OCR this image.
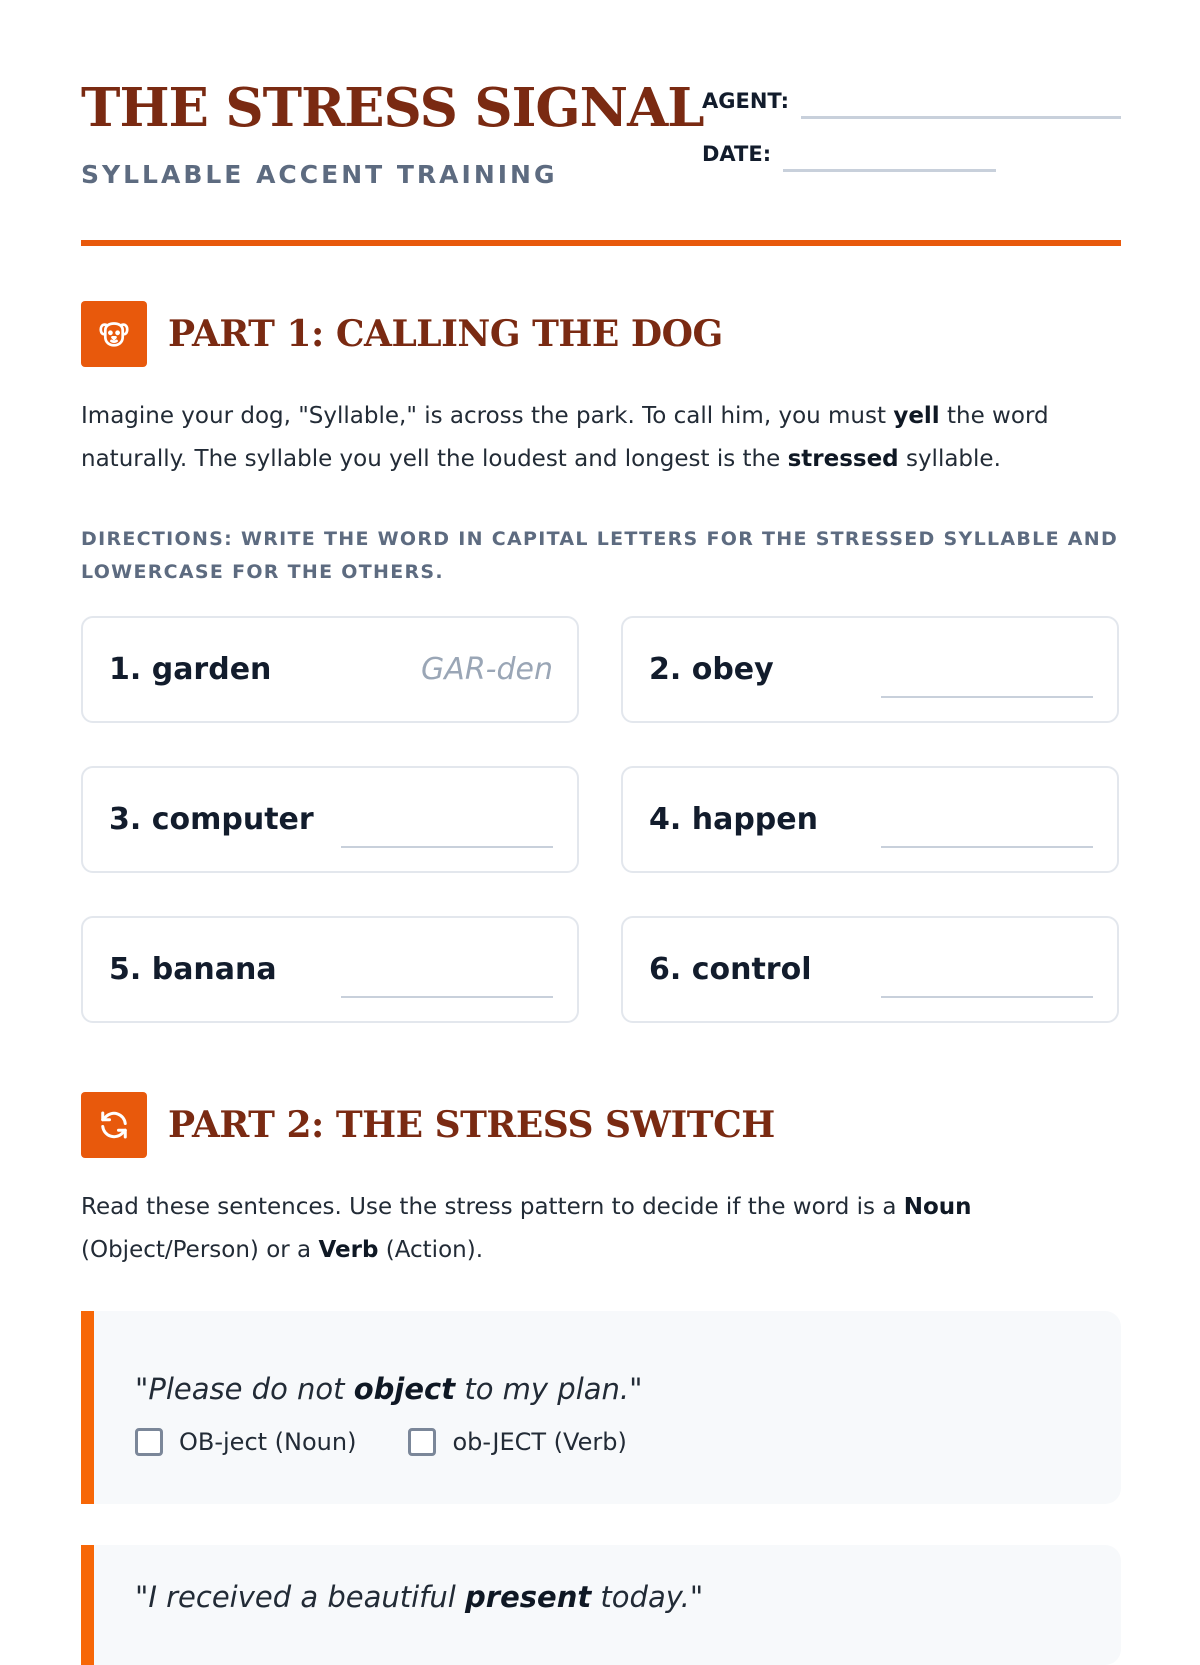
THE STRESS SIGNAL
SYLLABLE ACCENT TRAINING
AGENT:
DATE:
PART 1: CALLING THE DOG

Imagine your dog, "Syllable," is across the park. To call him, you must yell the word naturally. The syllable you yell the loudest and longest is the stressed syllable.

DIRECTIONS: WRITE THE WORD IN CAPITAL LETTERS FOR THE STRESSED SYLLABLE AND LOWERCASE FOR THE OTHERS.

1. garden	GAR-den	2. obey
3. computer	4. happen
5. banana	6. control
PART 2: THE STRESS SWITCH

Read these sentences. Use the stress pattern to decide if the word is a Noun (Object/Person) or a Verb (Action).

"Please do not object to my plan."

OB-ject (Noun)	ob-JECT (Verb)

"I received a beautiful present today."
